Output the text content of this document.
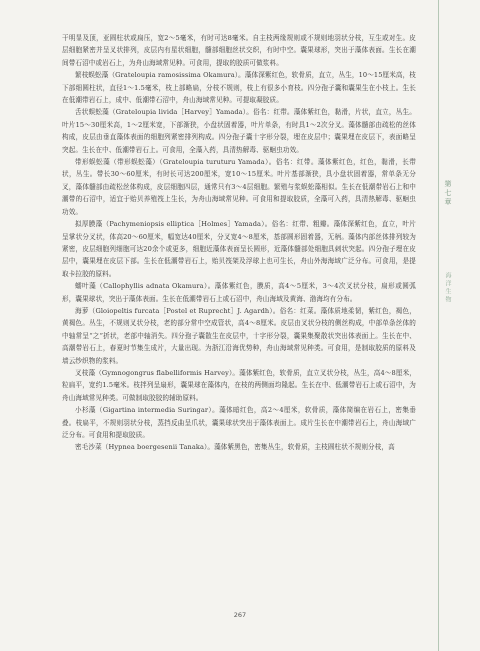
干明显及顶，亚圆柱状或扁压，宽2～5毫米，有时可达8毫米。自主枝两缘规则或不规则地羽状分枝，互生或对生。皮层细胞紧密并呈叉状排列，皮层内有星状细胞，髓部细胞丝状交织，有时中空。囊果球形，突出于藻体表面。生长在潮间带石沼中或岩石上，为舟山海域常见种。可食用，提取的胶质可做浆料。

繁枝蜈蚣藻（Grateloupia ramosissima Okamura）。藻体深紫红色，软骨质，直立，丛生，10～15厘米高，枝下部细圆柱状，直径1～1.5毫米，枝上部略扁，分枝不规则，枝上有很多小育枝。四分孢子囊和囊果生在小枝上。生长在低潮带岩石上，成中、低潮带石沼中，舟山海域常见种。可提取凝胶质。

舌状蜈蚣藻（Grateloupia livida［Harvey］Yamada）。俗名：红带。藻体紫红色，黏滑，片状，直立，丛生。叶片15～30厘米高，1～2厘米宽，下部渐狭，小盘状固着器，叶片单条，有时具1～2次分叉。藻体髓部由疏松的丝体构成，皮层由垂直藻体表面的细胞列紧密排列构成。四分孢子囊十字形分裂，埋在皮层中；囊果埋在皮层下，表面略呈突起。生长在中、低潮带岩石上。可食用，全藻入药，具清热解毒、驱蛔虫功效。

带形蜈蚣藻（带形蜈蚣藻）（Grateloupia turuturu Yamada）。俗名：红带。藻体紫红色，红色，黏滑，长带状，丛生。带长30～60厘米，有时长可达200厘米，宽10～15厘米。叶片基部渐狭，具小盘状固着器，常单条无分叉，藻体髓部由疏松丝体构成，皮层细胞四层，通常只有3～4层细胞。繁殖与浆蜈蚣藻相似。生长在低潮带岩石上和中潮带的石沼中，适宜于贻贝养殖筏上生长，为舟山海域常见种。可食用和提取胶质，全藻可入药，具清热解毒、驱蛔虫功效。

拟厚膜藻（Pachymeniopsis elliptica［Holmes］Yamada）。俗名：红带、粗瓣。藻体深紫红色，直立，叶片呈掌状分叉状，体高20～60厘米，幅宽达40厘米，分叉宽4～8厘米，基部圆形固着器，无柄。藻体内部丝体排列较为紧密，皮层细胞列细胞可达20余个或更多，细胞近藻体表面呈长圆形，近藻体髓部处细胞具刺状突起。四分孢子埋在皮层中，囊果埋在皮层下部。生长在低潮带岩石上，贻贝筏架及浮球上也可生长，舟山外海海域广泛分布。可食用，是提取卡拉胶的原料。

蠕叶藻（Callophyllis adnata Okamura）。藻体紫红色，膜质，高4～5厘米，3～4次叉状分枝，扁形或圆弧形，囊果球状，突出于藻体表面。生长在低潮带岩石上或石沼中，舟山海域及黄海、渤海均有分布。

海萝（Gloiopeltis furcata［Postel et Ruprecht］J. Agardh）。俗名：红菜。藻体质地柔韧，紫红色，褐色，黄褐色。丛生，不规则叉状分枝，老的部分常中空成管状，高4～8厘米。皮层由叉状分枝的侧丝构成，中部单条丝体的中轴常呈“之”折状，老部中轴消失。四分孢子囊散生在皮层中，十字形分裂，囊果集聚散状突出体表面上。生长在中、高潮带岩石上，春夏时节集生成片，大量出现。为浙江沿海优势种，舟山海域常见种类。可食用，是制取胶质的原料及墙云纱织物的浆料。

叉枝藻（Gymnogongrus flabelliformis Harvey）。藻体紫红色，软骨质，直立叉状分枝，丛生，高4～8厘米，粒扁平，宽约1.5毫米。枝拌列呈扇形，囊果球在藻体内，在枝的两侧面均隆起。生长在中、低潮带岩石上或石沼中，为舟山海域常见种类。可做制取胶胶的辅助原料。

小杉藻（Gigartina intermedia Suringar）。藻体暗红色，高2～4厘米，软骨质，藻体简编在岩石上，密集垂叠。枝扁平，不规则羽状分枝，蒸挡反曲呈爪状，囊果球状突出于藻体表面上。成片生长在中潮带岩石上，舟山海域广泛分布。可食用和提取胶质。

密毛沙菜（Hypnea boergesenii Tanaka）。藻体紫黑色，密集丛生，软骨质，主枝圆柱状不规则分枝，高

第七章
海洋生物
267
